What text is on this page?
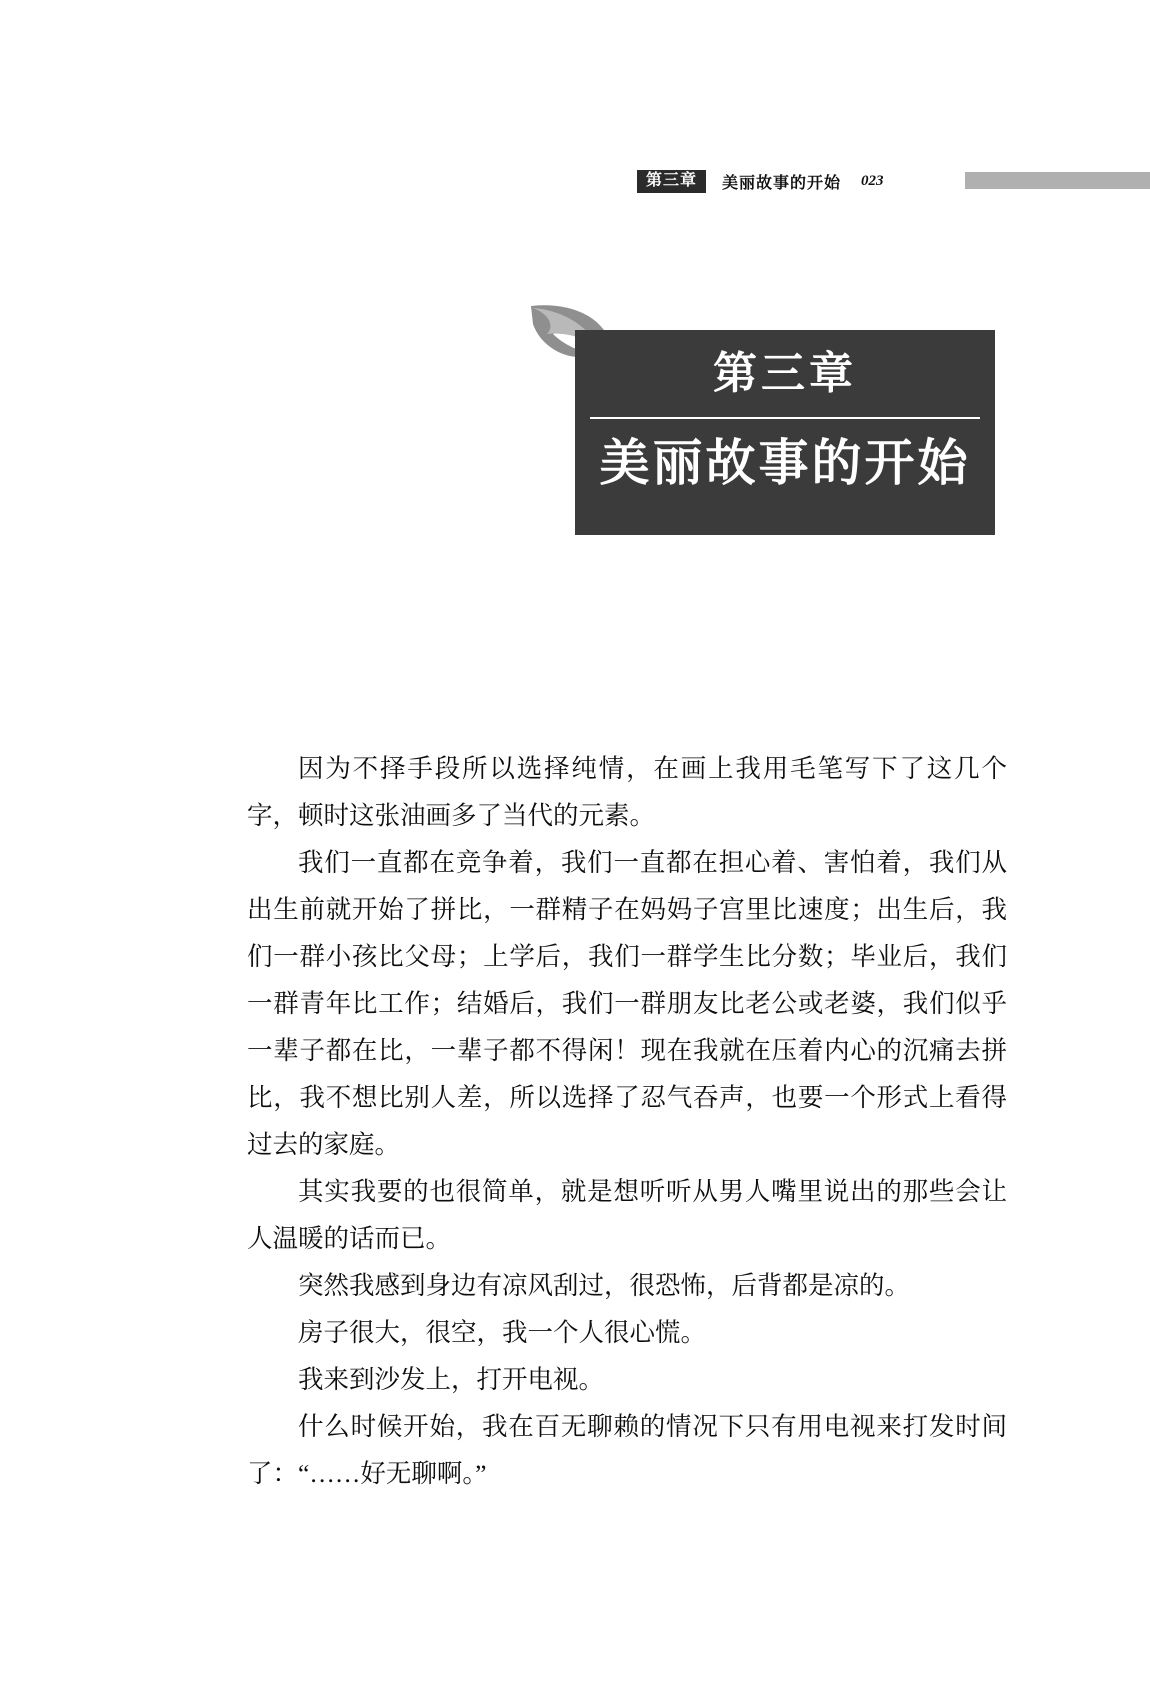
第三章	美丽故事的开始 023
第三章
美丽故事的开始

因为不择手段所以选择纯情，在画上我用毛笔写下了这几个字，顿时这张油画多了当代的元素。

我们一直都在竞争着，我们一直都在担心着、害怕着，我们从出生前就开始了拼比，一群精子在妈妈子宫里比速度；出生后，我们一群小孩比父母；上学后，我们一群学生比分数；毕业后，我们一群青年比工作；结婚后，我们一群朋友比老公或老婆，我们似乎一辈子都在比，一辈子都不得闲！现在我就在压着内心的沉痛去拼比，我不想比别人差，所以选择了忍气吞声，也要一个形式上看得过去的家庭。

其实我要的也很简单，就是想听听从男人嘴里说出的那些会让人温暖的话而已。

突然我感到身边有凉风刮过，很恐怖，后背都是凉的。

房子很大，很空，我一个人很心慌。

我来到沙发上，打开电视。

什么时候开始，我在百无聊赖的情况下只有用电视来打发时间了：“……好无聊啊。”
